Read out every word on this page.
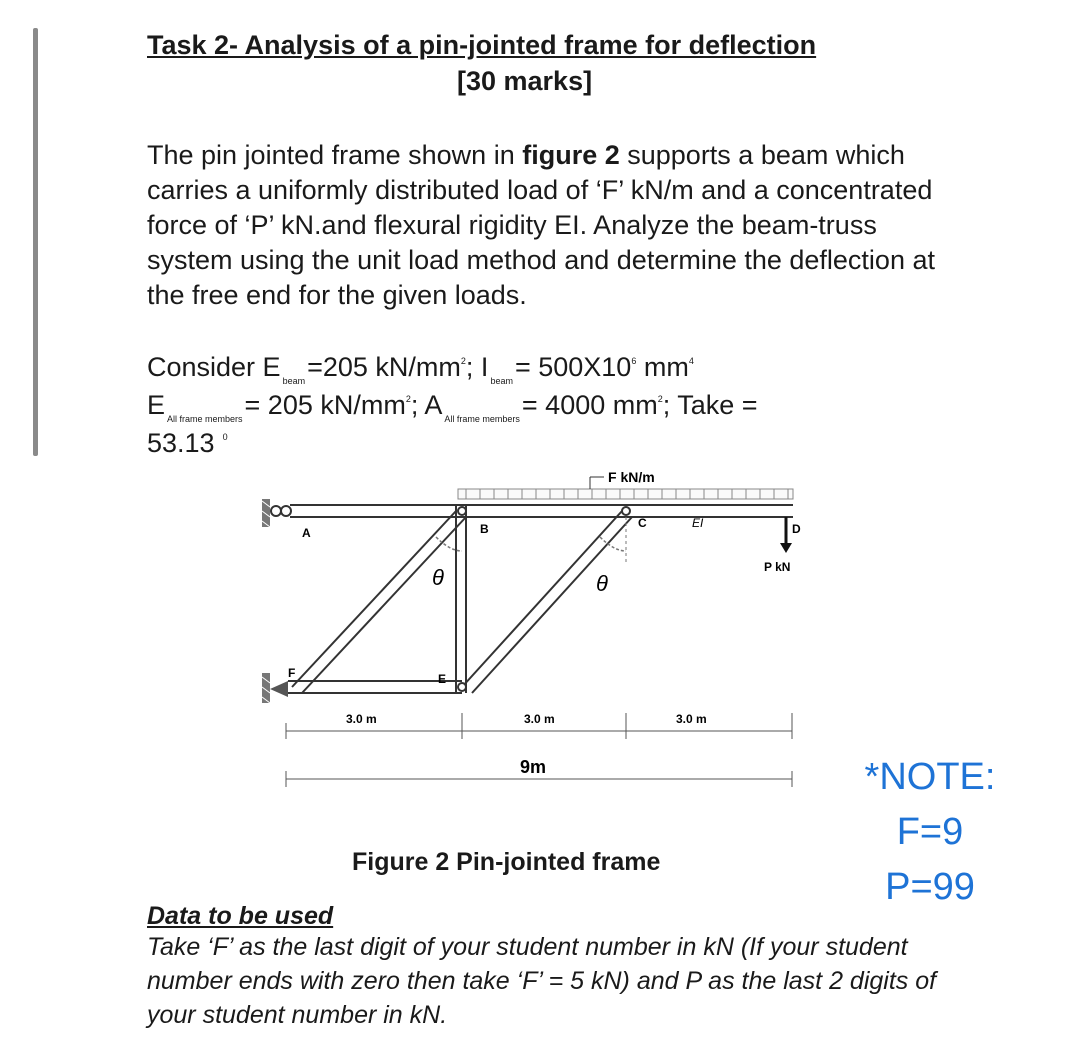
Task 2- Analysis of a pin-jointed frame for deflection
[30 marks]
The pin jointed frame shown in figure 2 supports a beam which carries a uniformly distributed load of ‘F’ kN/m and a concentrated force of ‘P’ kN.and flexural rigidity EI. Analyze the beam-truss system using the unit load method and determine the deflection at the free end for the given loads.
Consider E $_{beam}$=205 $kN/mm^2$; I $_{beam}= 500X10^6$ $mm^4$
E $_{All frame members}$= 205 $kN/mm^2$; A $_{All frame members}$= 4000 $mm^2$; Take =
53.13 $^0$
F kN/m
θ	θ
A	B	C	D
E
F
EI
P kN
3.0 m	3.0 m	3.0 m
9m
Figure 2 Pin-jointed frame
*NOTE:
F=9
P=99
Data to be used
Take ‘F’ as the last digit of your student number in kN (If your student number ends with zero then take ‘F’ = 5 kN) and P as the last 2 digits of your student number in kN.
